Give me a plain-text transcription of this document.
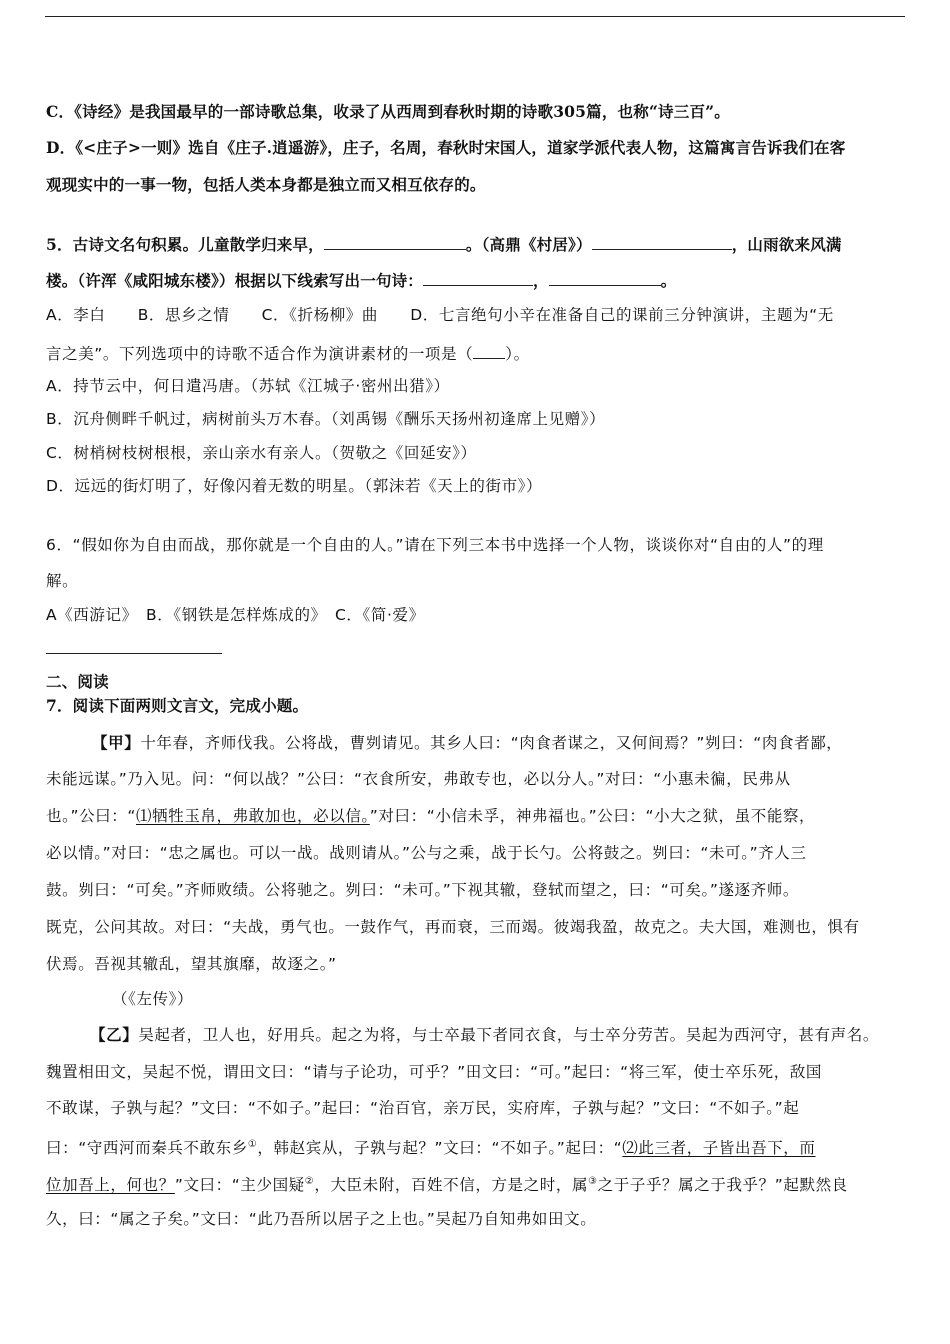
C．《诗经》是我国最早的一部诗歌总集，收录了从西周到春秋时期的诗歌305篇，也称“诗三百”。
D．《<庄子>一则》选自《庄子.逍遥游》，庄子，名周，春秋时宋国人，道家学派代表人物，这篇寓言告诉我们在客
观现实中的一事一物，包括人类本身都是独立而又相互依存的。
5．古诗文名句积累。儿童散学归来早，	。（高鼎《村居》）	，山雨欲来风满
楼。（许浑《咸阳城东楼》）根据以下线索写出一句诗：	，	。
A．李白　　B．思乡之情　　C．《折杨柳》曲　　D．七言绝句小辛在准备自己的课前三分钟演讲，主题为“无
言之美”。下列选项中的诗歌不适合作为演讲素材的一项是（ ）。
A．持节云中，何日遣冯唐。（苏轼《江城子·密州出猎》）
B．沉舟侧畔千帆过，病树前头万木春。（刘禹锡《酬乐天扬州初逢席上见赠》）
C．树梢树枝树根根，亲山亲水有亲人。（贺敬之《回延安》）
D．远远的街灯明了，好像闪着无数的明星。（郭沫若《天上的街市》）
6．“假如你为自由而战，那你就是一个自由的人。”请在下列三本书中选择一个人物，谈谈你对“自由的人”的理
解。
A《西游记》　B．《钢铁是怎样炼成的》　C．《简·爱》
二、阅读
7．阅读下面两则文言文，完成小题。
【甲】十年春，齐师伐我。公将战，曹刿请见。其乡人曰：“肉食者谋之，又何间焉？”刿曰：“肉食者鄙，
未能远谋。”乃入见。问：“何以战？”公曰：“衣食所安，弗敢专也，必以分人。”对曰：“小惠未徧，民弗从
也。”公曰：“⑴牺牲玉帛，弗敢加也，必以信。”对曰：“小信未孚，神弗福也。”公曰：“小大之狱，虽不能察，
必以情。”对曰：“忠之属也。可以一战。战则请从。”公与之乘，战于长勺。公将鼓之。刿曰：“未可。”齐人三
鼓。刿曰：“可矣。”齐师败绩。公将驰之。刿曰：“未可。”下视其辙，登轼而望之，曰：“可矣。”遂逐齐师。
既克，公问其故。对曰：“夫战，勇气也。一鼓作气，再而衰，三而竭。彼竭我盈，故克之。夫大国，难测也，惧有
伏焉。吾视其辙乱，望其旗靡，故逐之。”
（《左传》）
【乙】吴起者，卫人也，好用兵。起之为将，与士卒最下者同衣食，与士卒分劳苦。吴起为西河守，甚有声名。
魏置相田文，吴起不悦，谓田文曰：“请与子论功，可乎？”田文曰：“可。”起曰：“将三军，使士卒乐死，敌国
不敢谋，子孰与起？”文曰：“不如子。”起曰：“治百官，亲万民，实府库，子孰与起？”文曰：“不如子。”起
曰：“守西河而秦兵不敢东乡①，韩赵宾从，子孰与起？”文曰：“不如子。”起曰：“⑵此三者，子皆出吾下，而
位加吾上，何也？”文曰：“主少国疑②，大臣未附，百姓不信，方是之时，属③之于子乎？属之于我乎？”起默然良
久，曰：“属之子矣。”文曰：“此乃吾所以居子之上也。”吴起乃自知弗如田文。
